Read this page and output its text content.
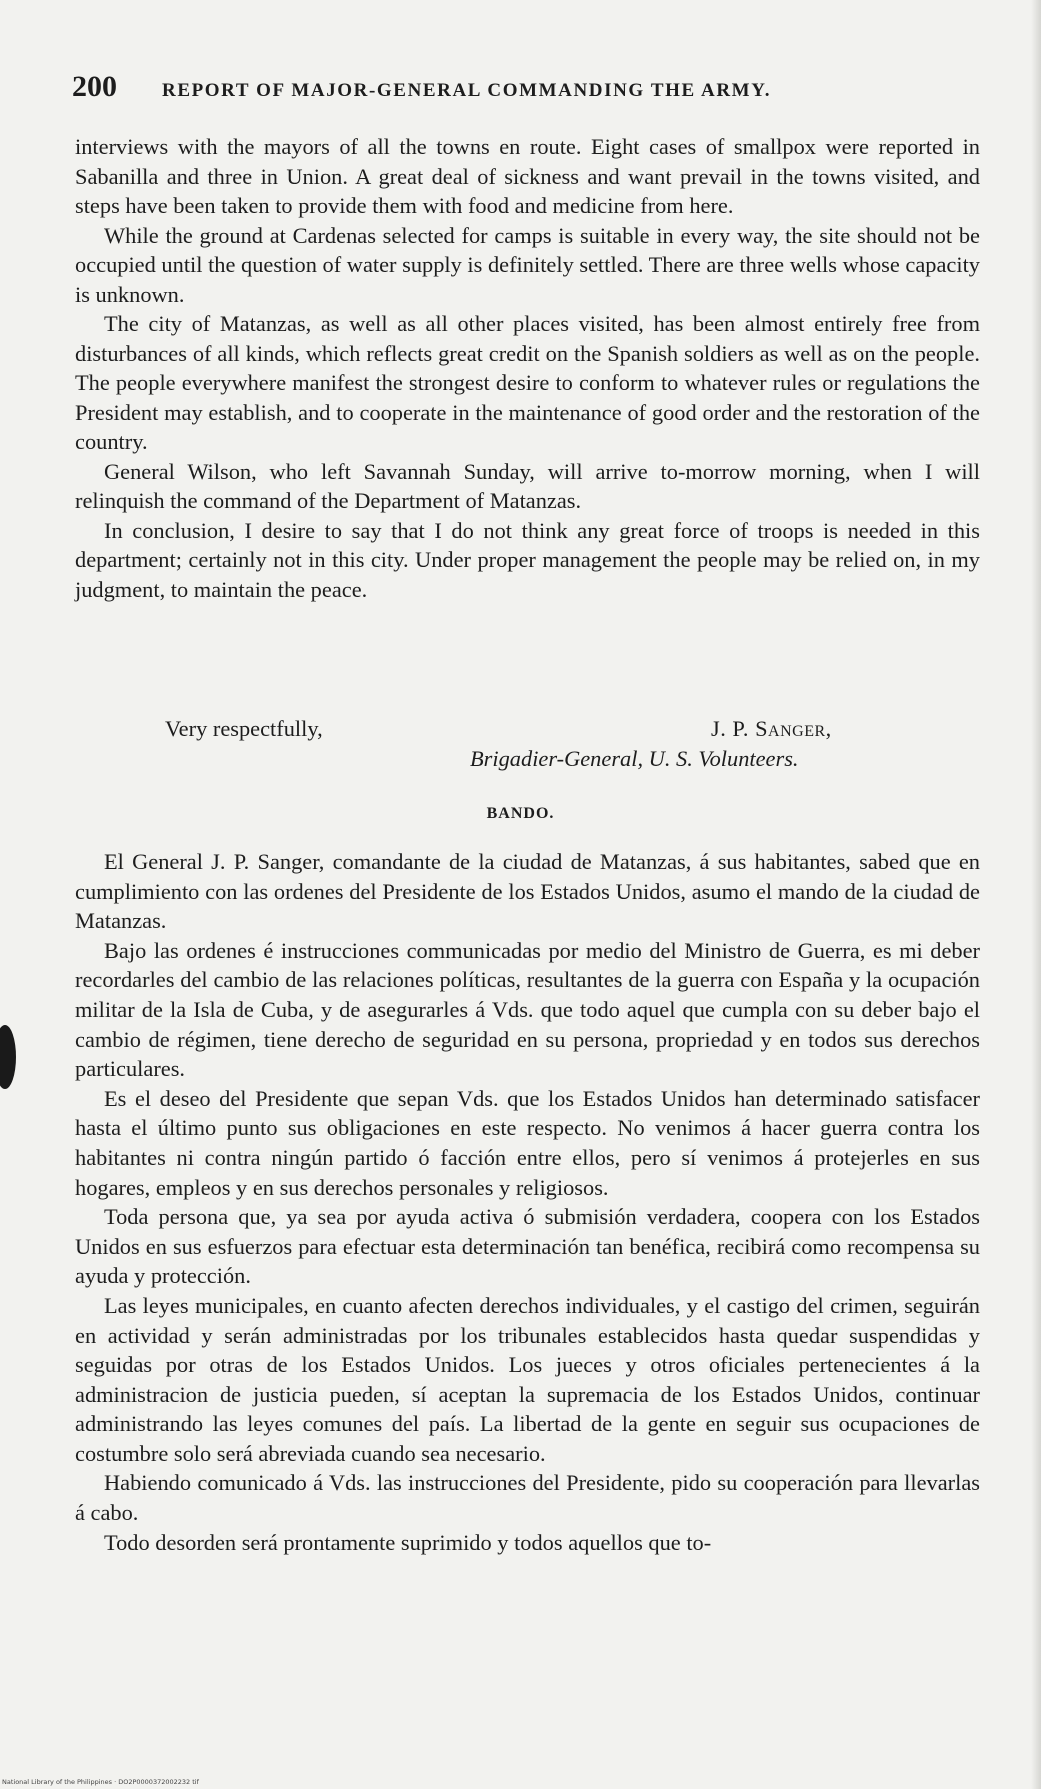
200	REPORT OF MAJOR-GENERAL COMMANDING THE ARMY.

interviews with the mayors of all the towns en route. Eight cases of smallpox were reported in Sabanilla and three in Union. A great deal of sickness and want prevail in the towns visited, and steps have been taken to provide them with food and medicine from here.

While the ground at Cardenas selected for camps is suitable in every way, the site should not be occupied until the question of water supply is definitely settled. There are three wells whose capacity is unknown.

The city of Matanzas, as well as all other places visited, has been almost entirely free from disturbances of all kinds, which reflects great credit on the Spanish soldiers as well as on the people. The people everywhere manifest the strongest desire to conform to whatever rules or regulations the President may establish, and to cooperate in the maintenance of good order and the restoration of the country.

General Wilson, who left Savannah Sunday, will arrive to-morrow morning, when I will relinquish the command of the Department of Matanzas.

In conclusion, I desire to say that I do not think any great force of troops is needed in this department; certainly not in this city. Under proper management the people may be relied on, in my judgment, to maintain the peace.

Very respectfully,	J. P. Sanger,
Brigadier-General, U. S. Volunteers.
BANDO.

El General J. P. Sanger, comandante de la ciudad de Matanzas, á sus habitantes, sabed que en cumplimiento con las ordenes del Presidente de los Estados Unidos, asumo el mando de la ciudad de Matanzas.

Bajo las ordenes é instrucciones communicadas por medio del Ministro de Guerra, es mi deber recordarles del cambio de las relaciones políticas, resultantes de la guerra con España y la ocupación militar de la Isla de Cuba, y de asegurarles á Vds. que todo aquel que cumpla con su deber bajo el cambio de régimen, tiene derecho de seguridad en su persona, propriedad y en todos sus derechos particulares.

Es el deseo del Presidente que sepan Vds. que los Estados Unidos han determinado satisfacer hasta el último punto sus obligaciones en este respecto. No venimos á hacer guerra contra los habitantes ni contra ningún partido ó facción entre ellos, pero sí venimos á protejerles en sus hogares, empleos y en sus derechos personales y religiosos.

Toda persona que, ya sea por ayuda activa ó submisión verdadera, coopera con los Estados Unidos en sus esfuerzos para efectuar esta determinación tan benéfica, recibirá como recompensa su ayuda y protección.

Las leyes municipales, en cuanto afecten derechos individuales, y el castigo del crimen, seguirán en actividad y serán administradas por los tribunales establecidos hasta quedar suspendidas y seguidas por otras de los Estados Unidos. Los jueces y otros oficiales pertenecientes á la administracion de justicia pueden, sí aceptan la supremacia de los Estados Unidos, continuar administrando las leyes comunes del país. La libertad de la gente en seguir sus ocupaciones de costumbre solo será abreviada cuando sea necesario.

Habiendo comunicado á Vds. las instrucciones del Presidente, pido su cooperación para llevarlas á cabo.

Todo desorden será prontamente suprimido y todos aquellos que to-

National Library of the Philippines · DO2P0000372002232 tif
